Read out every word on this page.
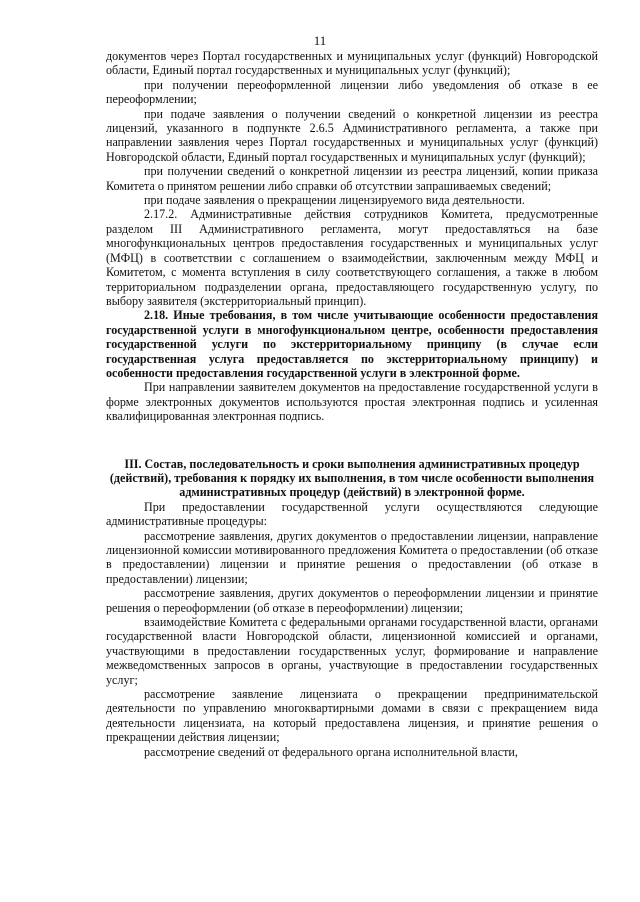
11

документов через Портал государственных и муниципальных услуг (функций) Новгородской области, Единый портал государственных и муниципальных услуг (функций);

при получении переоформленной лицензии либо уведомления об отказе в ее переоформлении;

при подаче заявления о получении сведений о конкретной лицензии из реестра лицензий, указанного в подпункте 2.6.5 Административного регламента, а также при направлении заявления через Портал государственных и муниципальных услуг (функций) Новгородской области, Единый портал государственных и муниципальных услуг (функций);

при получении сведений о конкретной лицензии из реестра лицензий, копии приказа Комитета о принятом решении либо справки об отсутствии запрашиваемых сведений;

при подаче заявления о прекращении лицензируемого вида деятельности.

2.17.2. Административные действия сотрудников Комитета, предусмотренные разделом III Административного регламента, могут предоставляться на базе многофункциональных центров предоставления государственных и муниципальных услуг (МФЦ) в соответствии с соглашением о взаимодействии, заключенным между МФЦ и Комитетом, с момента вступления в силу соответствующего соглашения, а также в любом территориальном подразделении органа, предоставляющего государственную услугу, по выбору заявителя (экстерриториальный принцип).

2.18. Иные требования, в том числе учитывающие особенности предоставления государственной услуги в многофункциональном центре, особенности предоставления государственной услуги по экстерриториальному принципу (в случае если государственная услуга предоставляется по экстерриториальному принципу) и особенности предоставления государственной услуги в электронной форме.

При направлении заявителем документов на предоставление государственной услуги в форме электронных документов используются простая электронная подпись и усиленная квалифицированная электронная подпись.

III. Состав, последовательность и сроки выполнения административных процедур (действий), требования к порядку их выполнения, в том числе особенности выполнения административных процедур (действий) в электронной форме.

При предоставлении государственной услуги осуществляются следующие административные процедуры:

рассмотрение заявления, других документов о предоставлении лицензии, направление лицензионной комиссии мотивированного предложения Комитета о предоставлении (об отказе в предоставлении) лицензии и принятие решения о предоставлении (об отказе в предоставлении) лицензии;

рассмотрение заявления, других документов о переоформлении лицензии и принятие решения о переоформлении (об отказе в переоформлении) лицензии;

взаимодействие Комитета с федеральными органами государственной власти, органами государственной власти Новгородской области, лицензионной комиссией и органами, участвующими в предоставлении государственных услуг, формирование и направление межведомственных запросов в органы, участвующие в предоставлении государственных услуг;

рассмотрение заявление лицензиата о прекращении предпринимательской деятельности по управлению многоквартирными домами в связи с прекращением вида деятельности лицензиата, на который предоставлена лицензия, и принятие решения о прекращении действия лицензии;

рассмотрение сведений от федерального органа исполнительной власти,
